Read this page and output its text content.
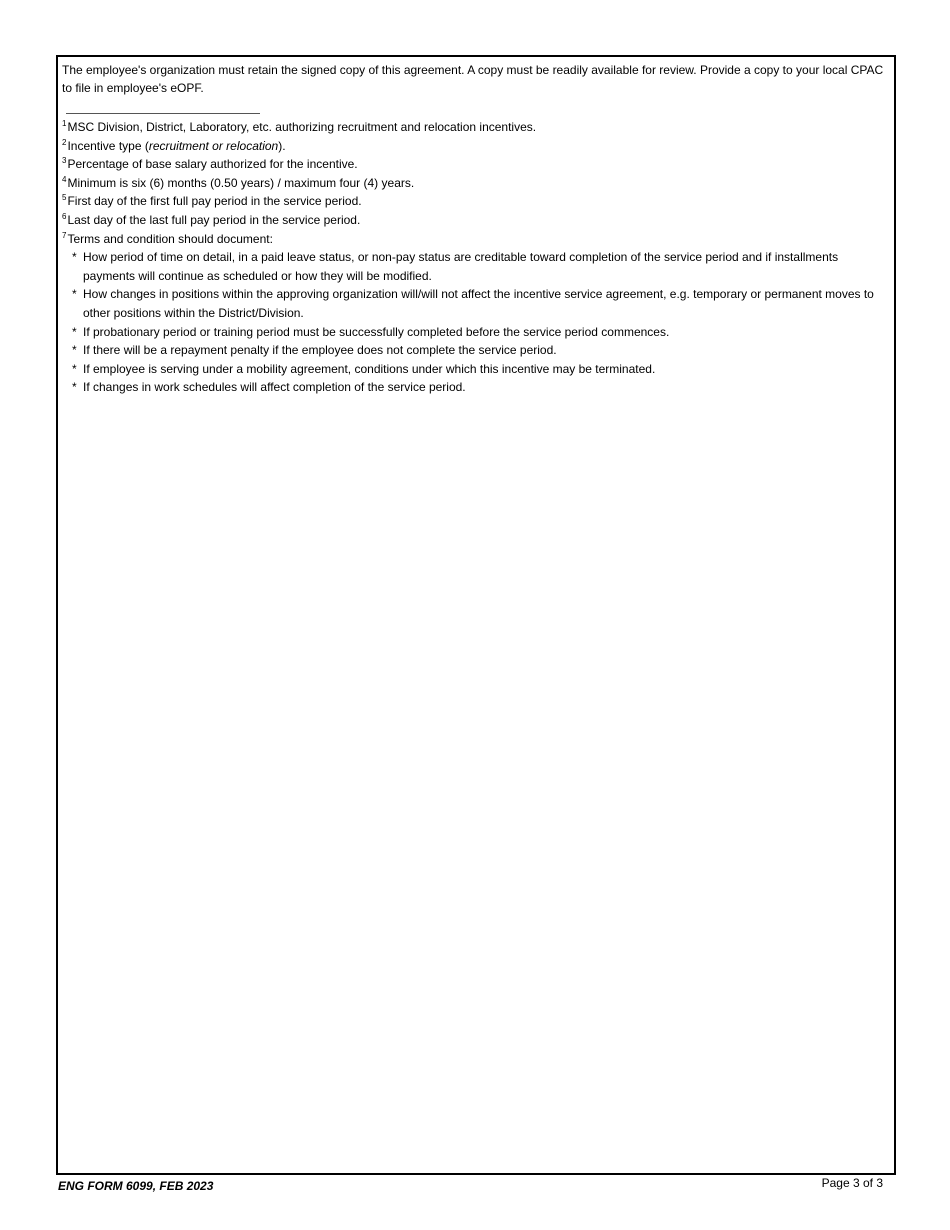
The employee's organization must retain the signed copy of this agreement. A copy must be readily available for review. Provide a copy to your local CPAC to file in employee's eOPF.
$^1$MSC Division, District, Laboratory, etc. authorizing recruitment and relocation incentives.
$^2$Incentive type (recruitment or relocation).
$^3$Percentage of base salary authorized for the incentive.
$^4$Minimum is six (6) months (0.50 years) / maximum four (4) years.
$^5$First day of the first full pay period in the service period.
$^6$Last day of the last full pay period in the service period.
$^7$Terms and condition should document:
* How period of time on detail, in a paid leave status, or non-pay status are creditable toward completion of the service period and if installments payments will continue as scheduled or how they will be modified.
* How changes in positions within the approving organization will/will not affect the incentive service agreement, e.g. temporary or permanent moves to other positions within the District/Division.
* If probationary period or training period must be successfully completed before the service period commences.
* If there will be a repayment penalty if the employee does not complete the service period.
* If employee is serving under a mobility agreement, conditions under which this incentive may be terminated.
* If changes in work schedules will affect completion of the service period.
ENG FORM 6099, FEB 2023	Page 3 of 3
